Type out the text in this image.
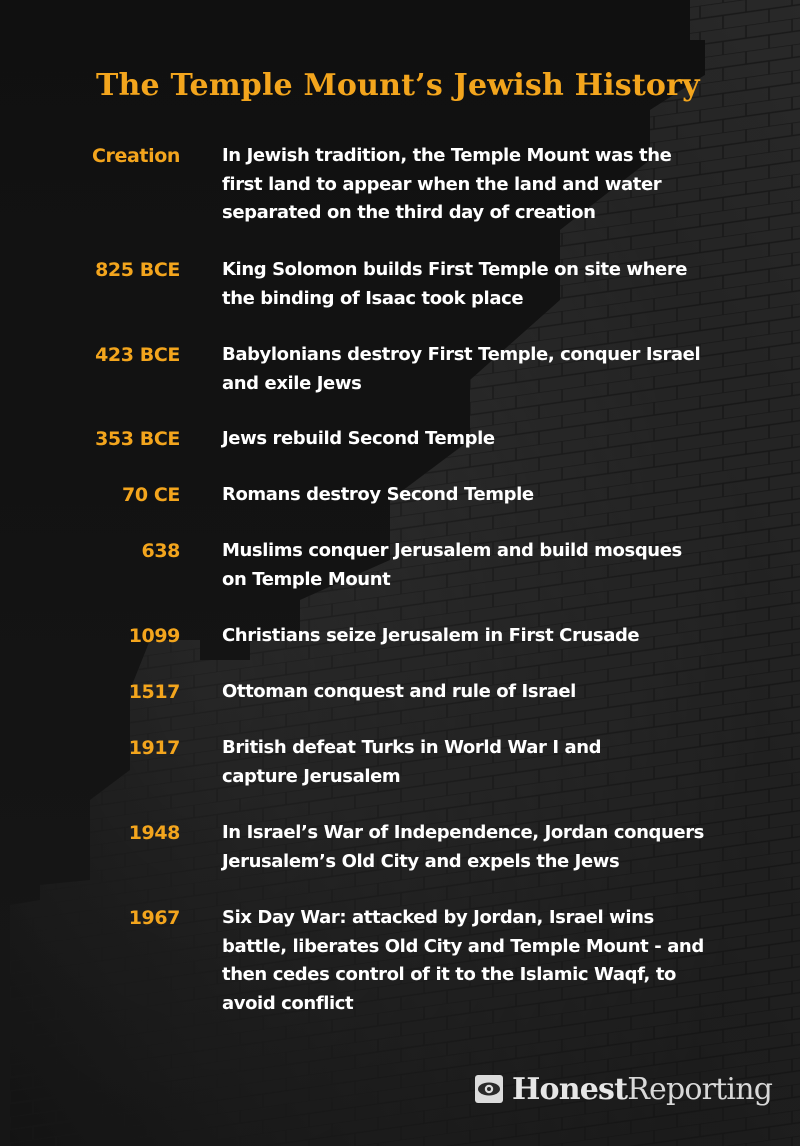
The Temple Mount’s Jewish History
Creation In Jewish tradition, the Temple Mount was the
first land to appear when the land and water
separated on the third day of creation
825 BCE King Solomon builds First Temple on site where
the binding of Isaac took place
423 BCE Babylonians destroy First Temple, conquer Israel
and exile Jews
353 BCE Jews rebuild Second Temple
70 CE Romans destroy Second Temple
638 Muslims conquer Jerusalem and build mosques
on Temple Mount
1099 Christians seize Jerusalem in First Crusade
1517 Ottoman conquest and rule of Israel
1917 British defeat Turks in World War I and
capture Jerusalem
1948 In Israel’s War of Independence, Jordan conquers
Jerusalem’s Old City and expels the Jews
1967 Six Day War: attacked by Jordan, Israel wins
battle, liberates Old City and Temple Mount - and
then cedes control of it to the Islamic Waqf, to
avoid conflict
HonestReporting
